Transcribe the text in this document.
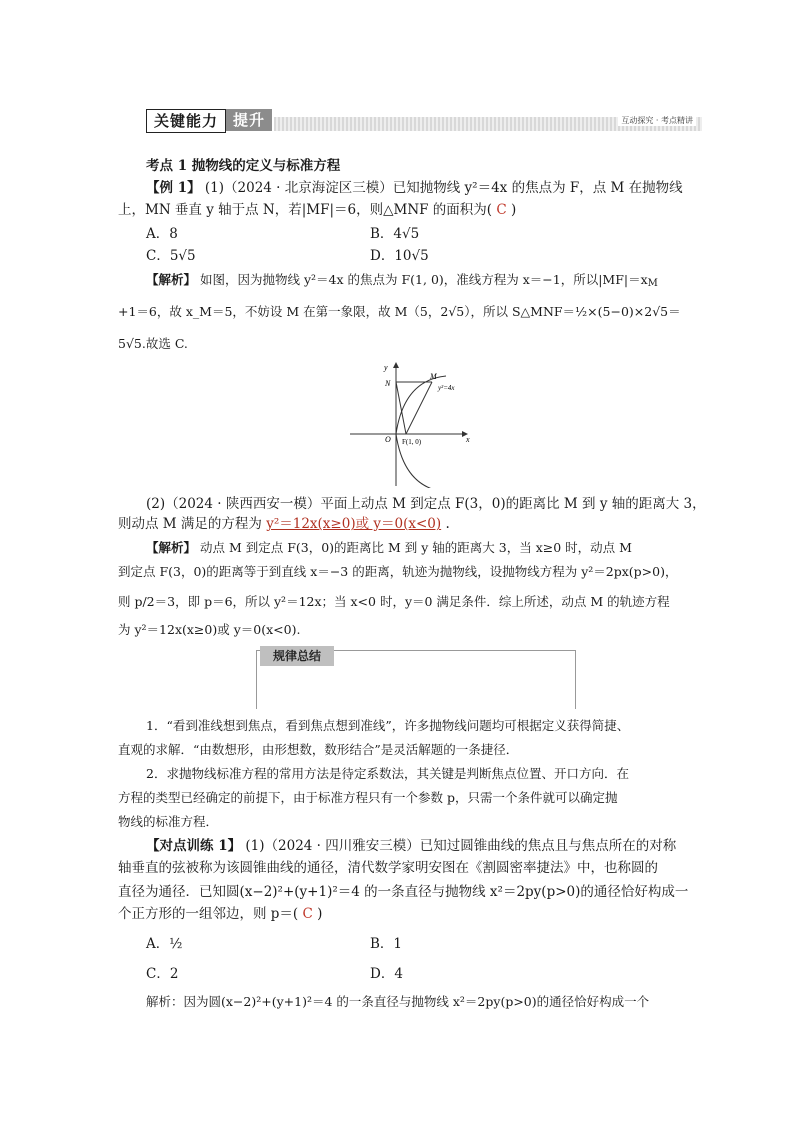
关键能力 提升	互动探究 · 考点精讲
考点 1 抛物线的定义与标准方程
【例 1】 (1)（2024 · 北京海淀区三模）已知抛物线 y²＝4x 的焦点为 F，点 M 在抛物线
上，MN 垂直 y 轴于点 N，若|MF|＝6，则△MNF 的面积为( C )
A．8	B．4√5
C．5√5	D．10√5
【解析】 如图，因为抛物线 y²＝4x 的焦点为 F(1, 0)，准线方程为 x＝−1，所以$|MF|=x_M$
+1＝6，故 x_M＝5，不妨设 M 在第一象限，故 M（5，2√5），所以 S△MNF＝½×(5−0)×2√5＝
5√5.故选 C.
y
x
O
N
M
F(1, 0)
y²=4x
(2)（2024 · 陕西西安一模）平面上动点 M 到定点 F(3，0)的距离比 M 到 y 轴的距离大 3，
则动点 M 满足的方程为 y²＝12x(x≥0)或 y＝0(x<0) .
【解析】 动点 M 到定点 F(3，0)的距离比 M 到 y 轴的距离大 3，当 x≥0 时，动点 M
到定点 F(3，0)的距离等于到直线 x＝−3 的距离，轨迹为抛物线，设抛物线方程为 y²＝2px(p>0)，
则 p/2＝3，即 p＝6，所以 y²＝12x；当 x<0 时，y＝0 满足条件．综上所述，动点 M 的轨迹方程
为 y²＝12x(x≥0)或 y＝0(x<0).
规律总结
1．“看到准线想到焦点，看到焦点想到准线”，许多抛物线问题均可根据定义获得简捷、
直观的求解．“由数想形，由形想数，数形结合”是灵活解题的一条捷径．
2．求抛物线标准方程的常用方法是待定系数法，其关键是判断焦点位置、开口方向．在
方程的类型已经确定的前提下，由于标准方程只有一个参数 p，只需一个条件就可以确定抛
物线的标准方程．
【对点训练 1】 (1)（2024 · 四川雅安三模）已知过圆锥曲线的焦点且与焦点所在的对称
轴垂直的弦被称为该圆锥曲线的通径，清代数学家明安图在《割圆密率捷法》中，也称圆的
直径为通径．已知圆(x−2)²+(y+1)²＝4 的一条直径与抛物线 x²＝2py(p>0)的通径恰好构成一
个正方形的一组邻边，则 p＝( C )
A．½	B．1
C．2	D．4
解析：因为圆(x−2)²+(y+1)²＝4 的一条直径与抛物线 x²＝2py(p>0)的通径恰好构成一个
